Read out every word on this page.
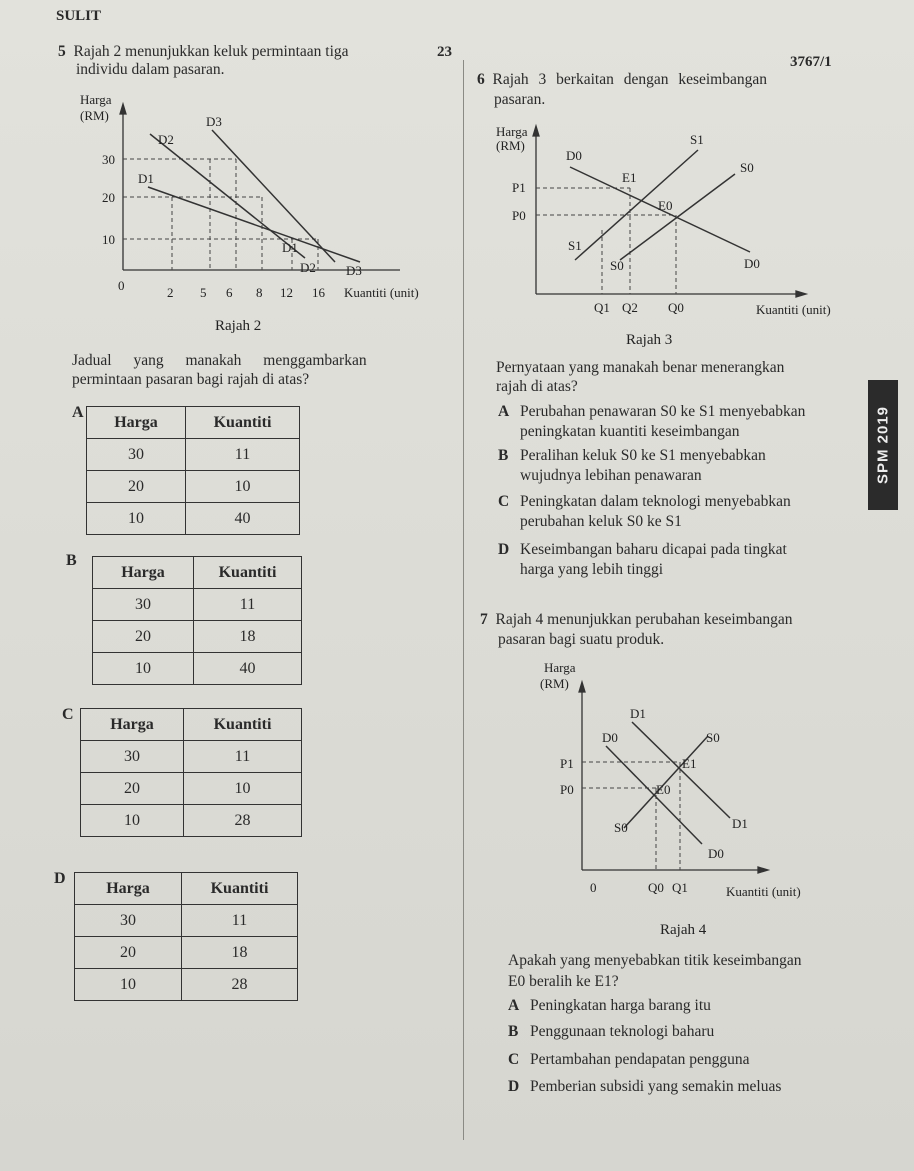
SULIT
23
3767/1
SPM 2019
5 Rajah 2 menunjukkan keluk permintaan tiga
individu dalam pasaran.
Harga
(RM)
30
20
10
0	2 5 6 8 12 16 Kuantiti (unit)
D3
D2
D1
D2 D3
D1
Rajah 2
Jadual yang manakah menggambarkan
permintaan pasaran bagi rajah di atas?
A
Harga	Kuantiti
30	11
20	10
10	40
B
Harga	Kuantiti
30	11
20	18
10	40
C
Harga	Kuantiti
30	11
20	10
10	28
D
Harga	Kuantiti
30	11
20	18
10	28
6 Rajah 3 berkaitan dengan keseimbangan
pasaran.
Harga
(RM)
P1
P0
Q1 Q2 Q0
S1
S1
S0
S0
D0
D0
E1
E0
Kuantiti (unit)
Rajah 3
Pernyataan yang manakah benar menerangkan
rajah di atas?
A Perubahan penawaran S0 ke S1 menyebabkan
peningkatan kuantiti keseimbangan
B Peralihan keluk S0 ke S1 menyebabkan
wujudnya lebihan penawaran
C Peningkatan dalam teknologi menyebabkan
perubahan keluk S0 ke S1
D Keseimbangan baharu dicapai pada tingkat
harga yang lebih tinggi
7 Rajah 4 menunjukkan perubahan keseimbangan
pasaran bagi suatu produk.
Harga
(RM)
P1
P0
0	Q0 Q1
S0
S0
D1
D1
D0
D0
E1
E0
Kuantiti (unit)
Rajah 4
Apakah yang menyebabkan titik keseimbangan
E0 beralih ke E1?
A Peningkatan harga barang itu
B Penggunaan teknologi baharu
C Pertambahan pendapatan pengguna
D Pemberian subsidi yang semakin meluas
